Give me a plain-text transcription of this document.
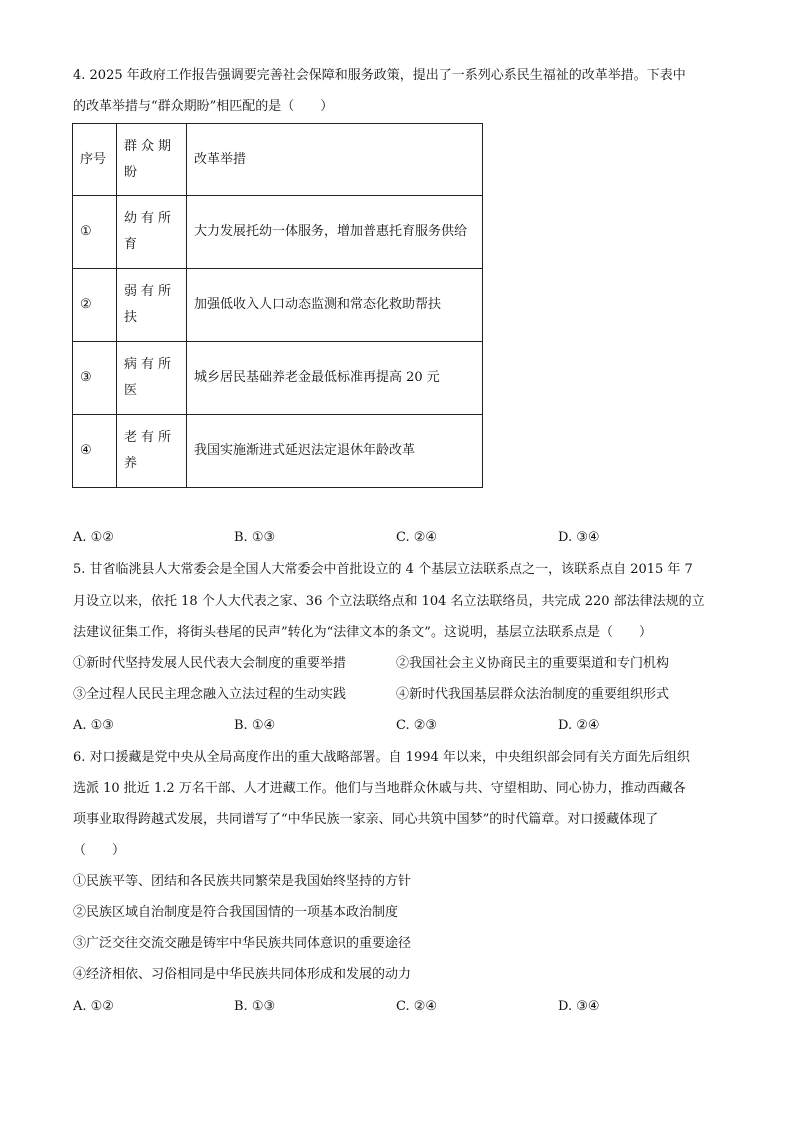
4. 2025 年政府工作报告强调要完善社会保障和服务政策，提出了一系列心系民生福祉的改革举措。下表中
的改革举措与“群众期盼”相匹配的是（　　）
序号	群众期盼	改革举措
①	幼有所育	大力发展托幼一体服务，增加普惠托育服务供给
②	弱有所扶	加强低收入人口动态监测和常态化救助帮扶
③	病有所医	城乡居民基础养老金最低标准再提高 20 元
④	老有所养	我国实施渐进式延迟法定退休年龄改革
A. ①②	B. ①③	C. ②④	D. ③④
5. 甘省临洮县人大常委会是全国人大常委会中首批设立的 4 个基层立法联系点之一，该联系点自 2015 年 7
月设立以来，依托 18 个人大代表之家、36 个立法联络点和 104 名立法联络员，共完成 220 部法律法规的立
法建议征集工作，将街头巷尾的民声”转化为“法律文本的条文”。这说明，基层立法联系点是（　　）
①新时代坚持发展人民代表大会制度的重要举措	②我国社会主义协商民主的重要渠道和专门机构
③全过程人民民主理念融入立法过程的生动实践	④新时代我国基层群众法治制度的重要组织形式
A. ①③	B. ①④	C. ②③	D. ②④
6. 对口援藏是党中央从全局高度作出的重大战略部署。自 1994 年以来，中央组织部会同有关方面先后组织
选派 10 批近 1.2 万名干部、人才进藏工作。他们与当地群众休戚与共、守望相助、同心协力，推动西藏各
项事业取得跨越式发展，共同谱写了“中华民族一家亲、同心共筑中国梦”的时代篇章。对口援藏体现了
（　　）
①民族平等、团结和各民族共同繁荣是我国始终坚持的方针
②民族区域自治制度是符合我国国情的一项基本政治制度
③广泛交往交流交融是铸牢中华民族共同体意识的重要途径
④经济相依、习俗相同是中华民族共同体形成和发展的动力
A. ①②	B. ①③	C. ②④	D. ③④
